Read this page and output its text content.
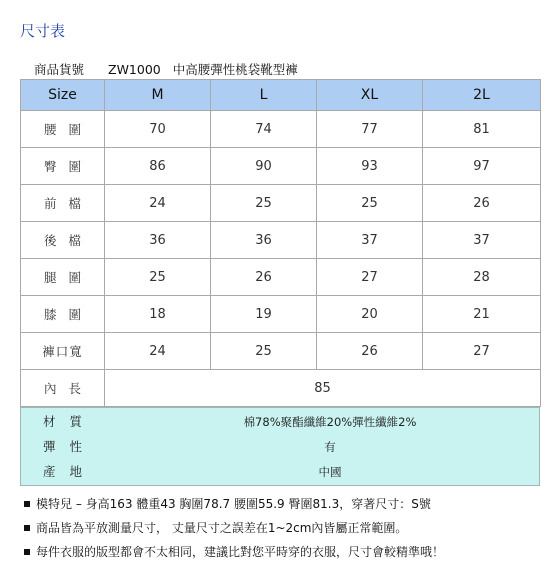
尺寸表
商品貨號 ZW1000 中高腰彈性桃袋靴型褲
Size	M	L	XL	2L
腰圍	70	74	77	81
臀圍	86	90	93	97
前檔	24	25	25	26
後檔	36	36	37	37
腿圍	25	26	27	28
膝圍	18	19	20	21
褲口寬	24	25	26	27
內長	85			
材質	棉78%聚酯纖維20%彈性纖維2%
彈性	有
產地	中國
模特兒 – 身高163 體重43 胸圍78.7 腰圍55.9 臀圍81.3，穿著尺寸：S號
商品皆為平放測量尺寸， 丈量尺寸之誤差在1~2cm內皆屬正常範圍。
每件衣服的版型都會不太相同，建議比對您平時穿的衣服，尺寸會較精準哦！
